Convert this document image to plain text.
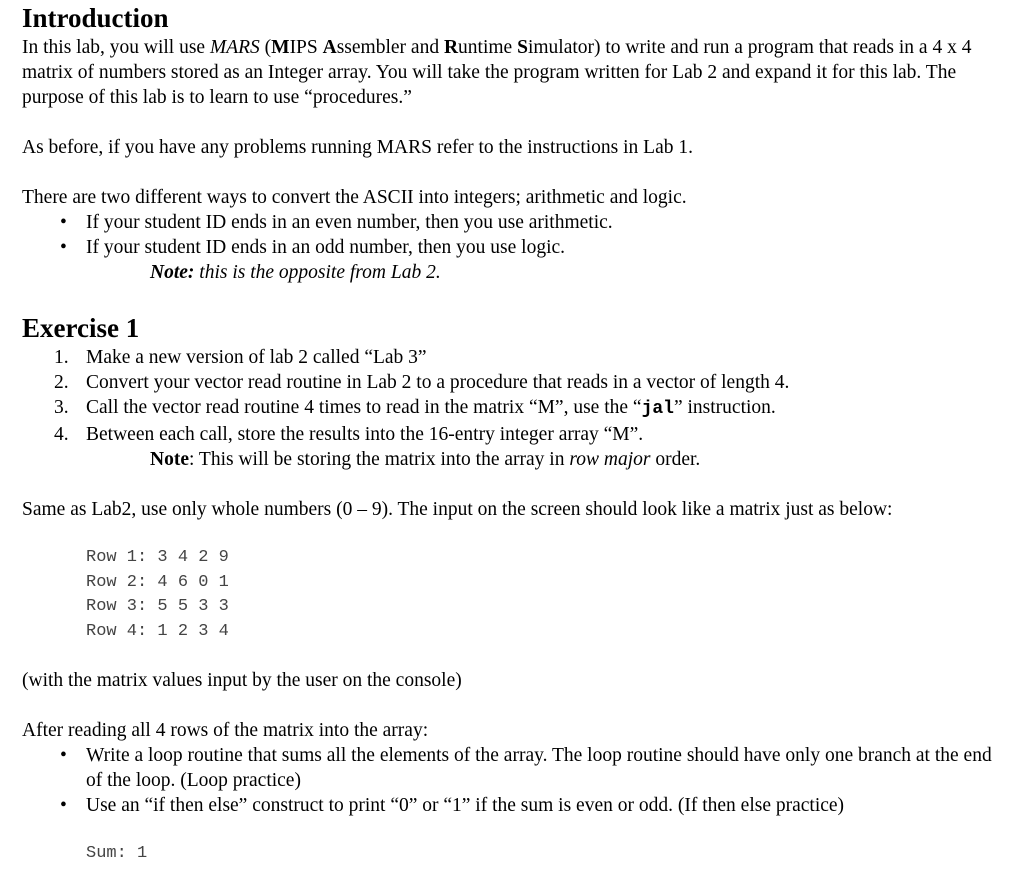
Introduction

In this lab, you will use MARS (MIPS Assembler and Runtime Simulator) to write and run a program that reads in a 4 x 4 matrix of numbers stored as an Integer array. You will take the program written for Lab 2 and expand it for this lab. The purpose of this lab is to learn to use “procedures.”

As before, if you have any problems running MARS refer to the instructions in Lab 1.

There are two different ways to convert the ASCII into integers; arithmetic and logic.

• If your student ID ends in an even number, then you use arithmetic.
• If your student ID ends in an odd number, then you use logic.

Note: this is the opposite from Lab 2.

Exercise 1
1. Make a new version of lab 2 called “Lab 3”
2. Convert your vector read routine in Lab 2 to a procedure that reads in a vector of length 4.
3. Call the vector read routine 4 times to read in the matrix “M”, use the “jal” instruction.
4. Between each call, store the results into the 16-entry integer array “M”.

Note: This will be storing the matrix into the array in row major order.

Same as Lab2, use only whole numbers (0 – 9). The input on the screen should look like a matrix just as below:

Row 1: 3 4 2 9
Row 2: 4 6 0 1
Row 3: 5 5 3 3
Row 4: 1 2 3 4

(with the matrix values input by the user on the console)

After reading all 4 rows of the matrix into the array:

• Write a loop routine that sums all the elements of the array. The loop routine should have only one branch at the end of the loop. (Loop practice)
• Use an “if then else” construct to print “0” or “1” if the sum is even or odd. (If then else practice)
Sum: 1
